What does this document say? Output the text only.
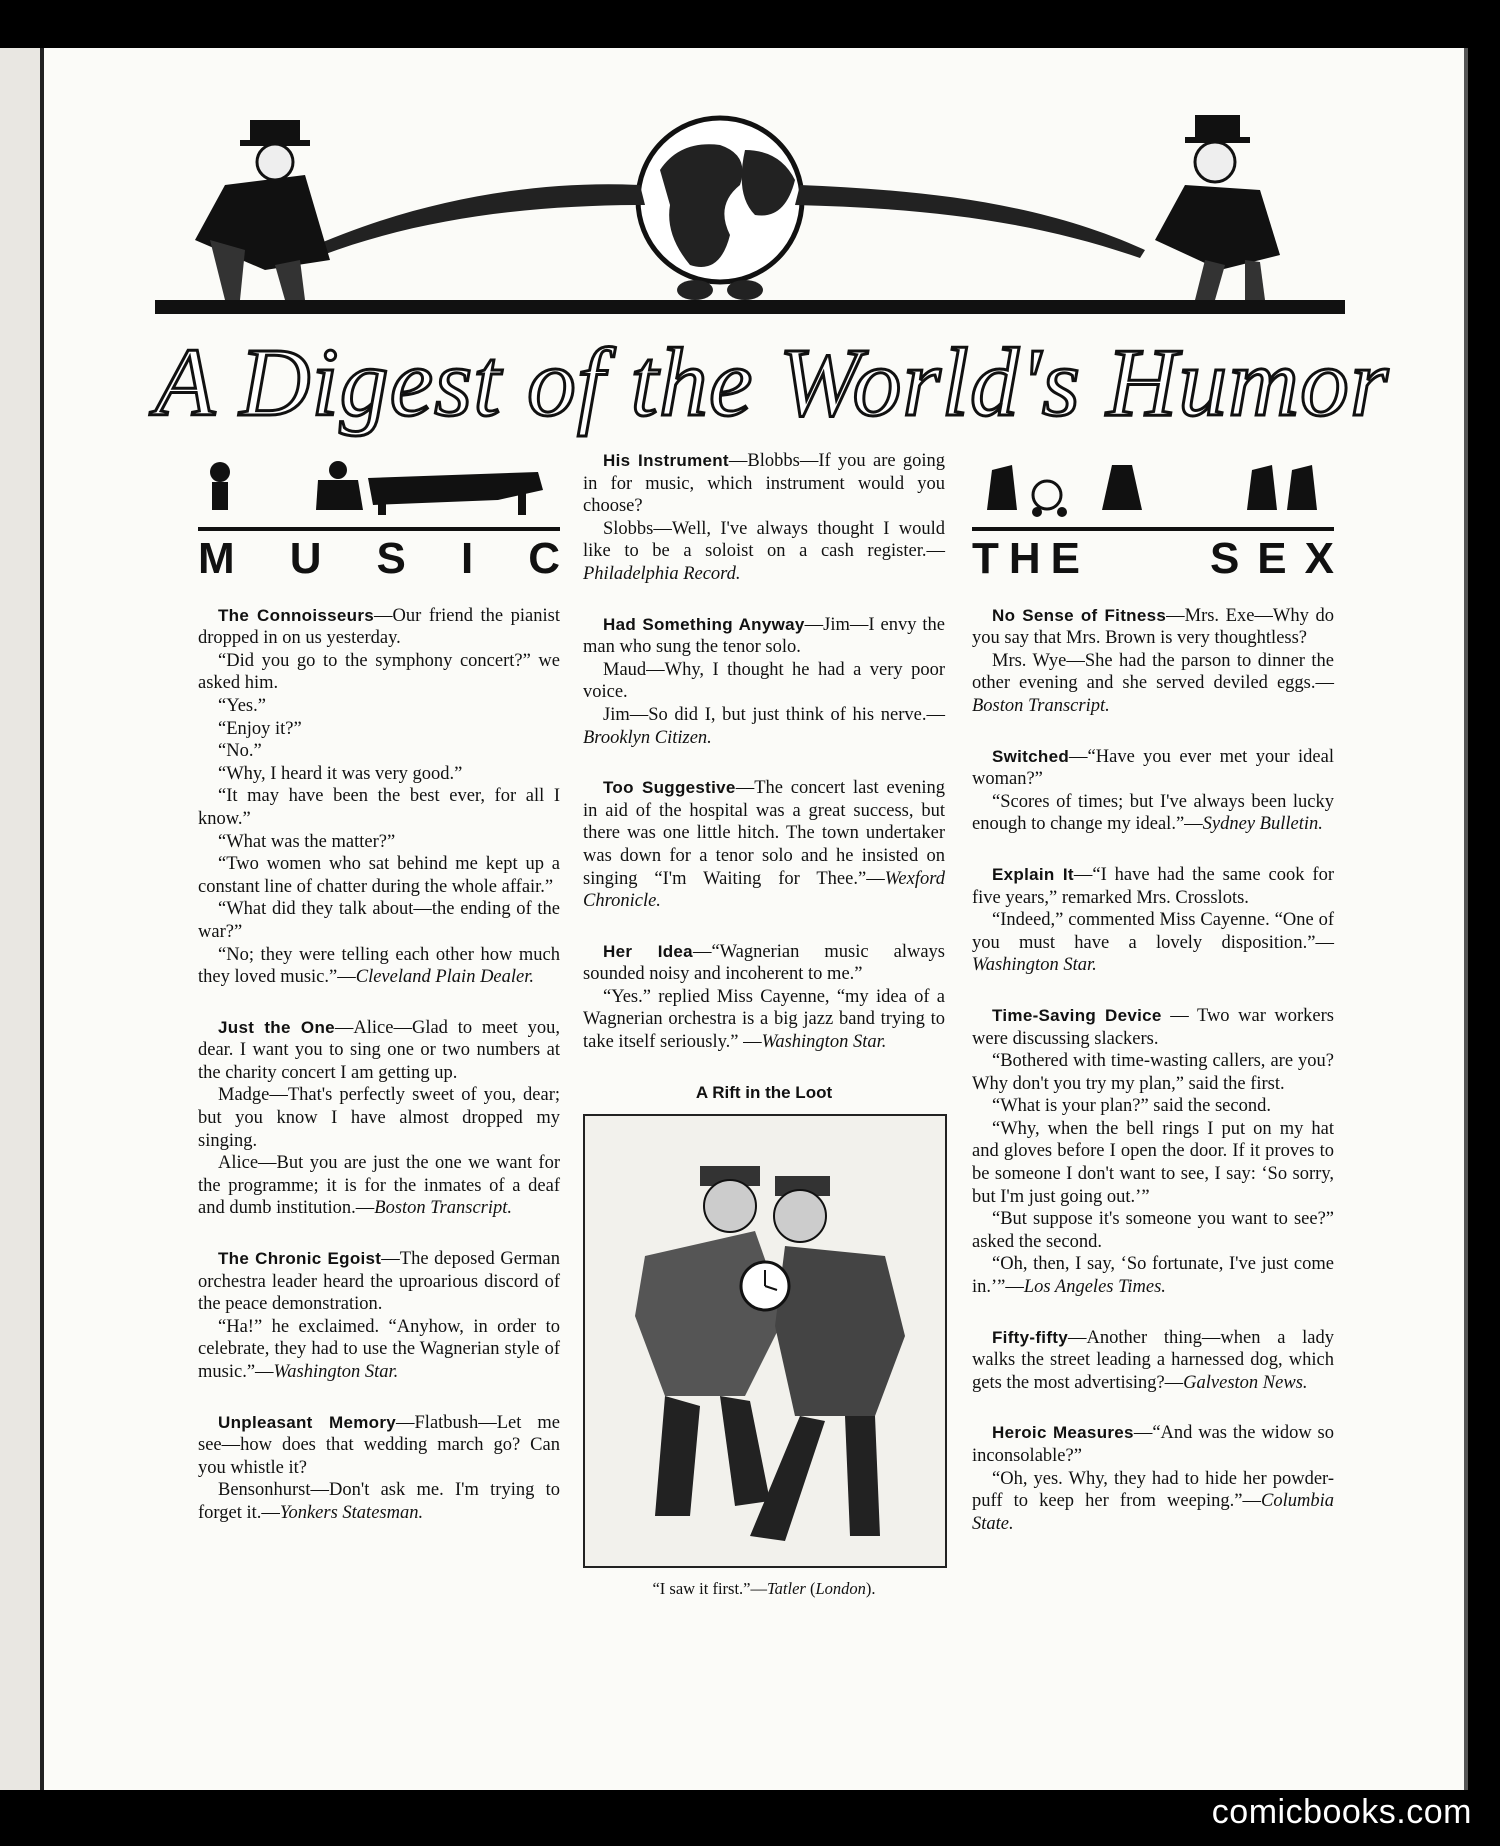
A Digest of the World's Humor
M U S I C

The Connoisseurs—Our friend the pianist dropped in on us yesterday.

“Did you go to the symphony concert?” we asked him.

“Yes.”

“Enjoy it?”

“No.”

“Why, I heard it was very good.”

“It may have been the best ever, for all I know.”

“What was the matter?”

“Two women who sat behind me kept up a constant line of chatter during the whole affair.”

“What did they talk about—the ending of the war?”

“No; they were telling each other how much they loved music.”—Cleveland Plain Dealer.

Just the One—Alice—Glad to meet you, dear. I want you to sing one or two numbers at the charity concert I am getting up.

Madge—That's perfectly sweet of you, dear; but you know I have almost dropped my singing.

Alice—But you are just the one we want for the programme; it is for the inmates of a deaf and dumb institution.—Boston Transcript.

The Chronic Egoist—The deposed German orchestra leader heard the uproarious discord of the peace demonstration.

“Ha!” he exclaimed. “Anyhow, in order to celebrate, they had to use the Wagnerian style of music.”—Washington Star.

Unpleasant Memory—Flatbush—Let me see—how does that wedding march go? Can you whistle it?

Bensonhurst—Don't ask me. I'm trying to forget it.—Yonkers Statesman.

His Instrument—Blobbs—If you are going in for music, which instrument would you choose?

Slobbs—Well, I've always thought I would like to be a soloist on a cash register.—Philadelphia Record.

Had Something Anyway—Jim—I envy the man who sung the tenor solo.

Maud—Why, I thought he had a very poor voice.

Jim—So did I, but just think of his nerve.—Brooklyn Citizen.

Too Suggestive—The concert last evening in aid of the hospital was a great success, but there was one little hitch. The town undertaker was down for a tenor solo and he insisted on singing “I'm Waiting for Thee.”—Wexford Chronicle.

Her Idea—“Wagnerian music always sounded noisy and incoherent to me.”

“Yes.” replied Miss Cayenne, “my idea of a Wagnerian orchestra is a big jazz band trying to take itself seriously.” —Washington Star.

A Rift in the Loot
“I saw it first.”—Tatler (London).
THE	SEX

No Sense of Fitness—Mrs. Exe—Why do you say that Mrs. Brown is very thoughtless?

Mrs. Wye—She had the parson to dinner the other evening and she served deviled eggs.—Boston Transcript.

Switched—“Have you ever met your ideal woman?”

“Scores of times; but I've always been lucky enough to change my ideal.”—Sydney Bulletin.

Explain It—“I have had the same cook for five years,” remarked Mrs. Crosslots.

“Indeed,” commented Miss Cayenne. “One of you must have a lovely disposition.”—Washington Star.

Time-Saving Device — Two war workers were discussing slackers.

“Bothered with time-wasting callers, are you? Why don't you try my plan,” said the first.

“What is your plan?” said the second.

“Why, when the bell rings I put on my hat and gloves before I open the door. If it proves to be someone I don't want to see, I say: ‘So sorry, but I'm just going out.’”

“But suppose it's someone you want to see?” asked the second.

“Oh, then, I say, ‘So fortunate, I've just come in.’”—Los Angeles Times.

Fifty-fifty—Another thing—when a lady walks the street leading a harnessed dog, which gets the most advertising?—Galveston News.

Heroic Measures—“And was the widow so inconsolable?”

“Oh, yes. Why, they had to hide her powder-puff to keep her from weeping.”—Columbia State.

comicbooks.com
